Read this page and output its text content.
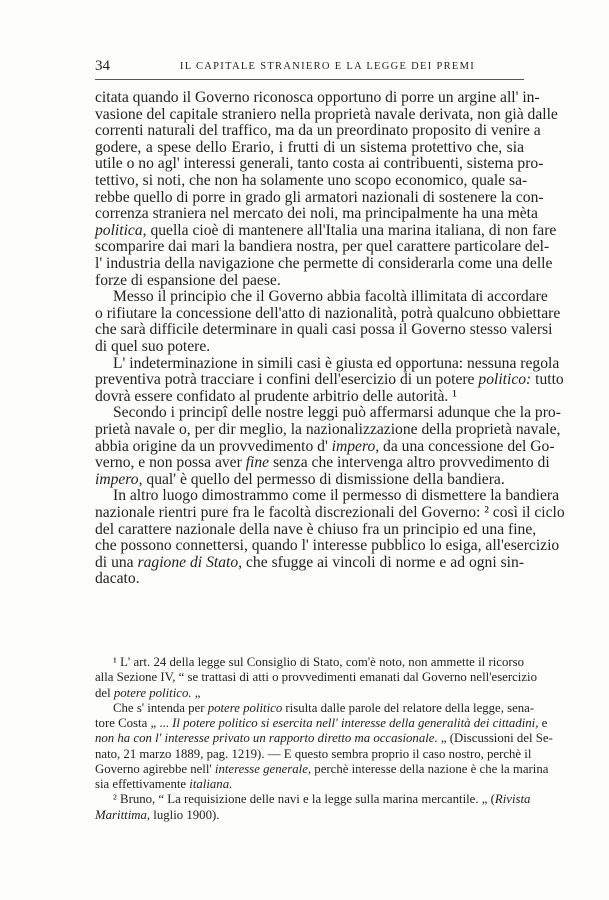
34	IL CAPITALE STRANIERO E LA LEGGE DEI PREMI
citata quando il Governo riconosca opportuno di porre un argine all' in-
vasione del capitale straniero nella proprietà navale derivata, non già dalle
correnti naturali del traffico, ma da un preordinato proposito di venire a
godere, a spese dello Erario, i frutti di un sistema protettivo che, sia
utile o no agl' interessi generali, tanto costa ai contribuenti, sistema pro-
tettivo, si noti, che non ha solamente uno scopo economico, quale sa-
rebbe quello di porre in grado gli armatori nazionali di sostenere la con-
correnza straniera nel mercato dei noli, ma principalmente ha una mèta
politica, quella cioè di mantenere all'Italia una marina italiana, di non fare
scomparire dai mari la bandiera nostra, per quel carattere particolare del-
l' industria della navigazione che permette di considerarla come una delle
forze di espansione del paese.
Messo il principio che il Governo abbia facoltà illimitata di accordare
o rifiutare la concessione dell'atto di nazionalità, potrà qualcuno obbiettare
che sarà difficile determinare in quali casi possa il Governo stesso valersi
di quel suo potere.
L' indeterminazione in simili casi è giusta ed opportuna: nessuna regola
preventiva potrà tracciare i confini dell'esercizio di un potere politico: tutto
dovrà essere confidato al prudente arbitrio delle autorità. ¹
Secondo i principî delle nostre leggi può affermarsi adunque che la pro-
prietà navale o, per dir meglio, la nazionalizzazione della proprietà navale,
abbia origine da un provvedimento d' impero, da una concessione del Go-
verno, e non possa aver fine senza che intervenga altro provvedimento di
impero, qual' è quello del permesso di dismissione della bandiera.
In altro luogo dimostrammo come il permesso di dismettere la bandiera
nazionale rientri pure fra le facoltà discrezionali del Governo: ² così il ciclo
del carattere nazionale della nave è chiuso fra un principio ed una fine,
che possono connettersi, quando l' interesse pubblico lo esiga, all'esercizio
di una ragione di Stato, che sfugge ai vincoli di norme e ad ogni sin-
dacato.
¹ L' art. 24 della legge sul Consiglio di Stato, com'è noto, non ammette il ricorso
alla Sezione IV, “ se trattasi di atti o provvedimenti emanati dal Governo nell'esercizio
del potere politico. „
Che s' intenda per potere politico risulta dalle parole del relatore della legge, sena-
tore Costa „ ... Il potere politico si esercita nell' interesse della generalità dei cittadini, e
non ha con l' interesse privato un rapporto diretto ma occasionale. „ (Discussioni del Se-
nato, 21 marzo 1889, pag. 1219). — E questo sembra proprio il caso nostro, perchè il
Governo agirebbe nell' interesse generale, perchè interesse della nazione è che la marina
sia effettivamente italiana.
² Bruno, “ La requisizione delle navi e la legge sulla marina mercantile. „ (Rivista
Marittima, luglio 1900).
